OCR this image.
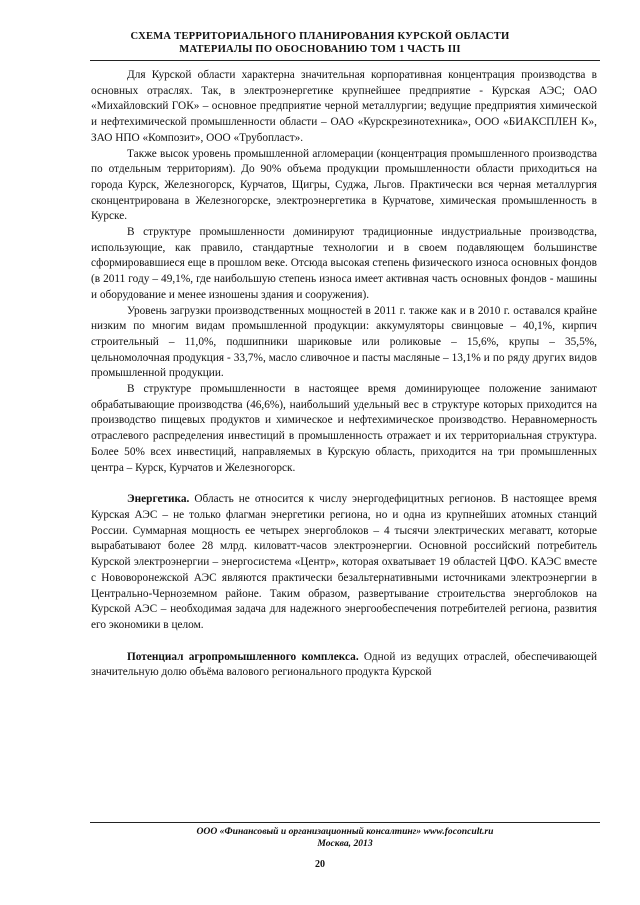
СХЕМА ТЕРРИТОРИАЛЬНОГО ПЛАНИРОВАНИЯ КУРСКОЙ ОБЛАСТИ
МАТЕРИАЛЫ ПО ОБОСНОВАНИЮ ТОМ 1 ЧАСТЬ III

Для Курской области характерна значительная корпоративная концентрация производства в основных отраслях. Так, в электроэнергетике крупнейшее предприятие - Курская АЭС; ОАО «Михайловский ГОК» – основное предприятие черной металлургии; ведущие предприятия химической и нефтехимической промышленности области – ОАО «Курскрезинотехника», ООО «БИАКСПЛЕН К», ЗАО НПО «Композит», ООО «Трубопласт».

Также высок уровень промышленной агломерации (концентрация промышленного производства по отдельным территориям). До 90% объема продукции промышленности области приходиться на города Курск, Железногорск, Курчатов, Щигры, Суджа, Льгов. Практически вся черная металлургия сконцентрирована в Железногорске, электроэнергетика в Курчатове, химическая промышленность в Курске.

В структуре промышленности доминируют традиционные индустриальные производства, использующие, как правило, стандартные технологии и в своем подавляющем большинстве сформировавшиеся еще в прошлом веке. Отсюда высокая степень физического износа основных фондов (в 2011 году – 49,1%, где наибольшую степень износа имеет активная часть основных фондов - машины и оборудование и менее изношены здания и сооружения).

Уровень загрузки производственных мощностей в 2011 г. также как и в 2010 г. оставался крайне низким по многим видам промышленной продукции: аккумуляторы свинцовые – 40,1%, кирпич строительный – 11,0%, подшипники шариковые или роликовые – 15,6%, крупы – 35,5%, цельномолочная продукция - 33,7%, масло сливочное и пасты масляные – 13,1% и по ряду других видов промышленной продукции.

В структуре промышленности в настоящее время доминирующее положение занимают обрабатывающие производства (46,6%), наибольший удельный вес в структуре которых приходится на производство пищевых продуктов и химическое и нефтехимическое производство. Неравномерность отраслевого распределения инвестиций в промышленность отражает и их территориальная структура. Более 50% всех инвестиций, направляемых в Курскую область, приходится на три промышленных центра – Курск, Курчатов и Железногорск.

Энергетика. Область не относится к числу энергодефицитных регионов. В настоящее время Курская АЭС – не только флагман энергетики региона, но и одна из крупнейших атомных станций России. Суммарная мощность ее четырех энергоблоков – 4 тысячи электрических мегаватт, которые вырабатывают более 28 млрд. киловатт-часов электроэнергии. Основной российский потребитель Курской электроэнергии – энергосистема «Центр», которая охватывает 19 областей ЦФО. КАЭС вместе с Нововоронежской АЭС являются практически безальтернативными источниками электроэнергии в Центрально-Черноземном районе. Таким образом, развертывание строительства энергоблоков на Курской АЭС – необходимая задача для надежного энергообеспечения потребителей региона, развития его экономики в целом.

Потенциал агропромышленного комплекса. Одной из ведущих отраслей, обеспечивающей значительную долю объёма валового регионального продукта Курской

ООО «Финансовый и организационный консалтинг» www.foconcult.ru
Москва, 2013
20
